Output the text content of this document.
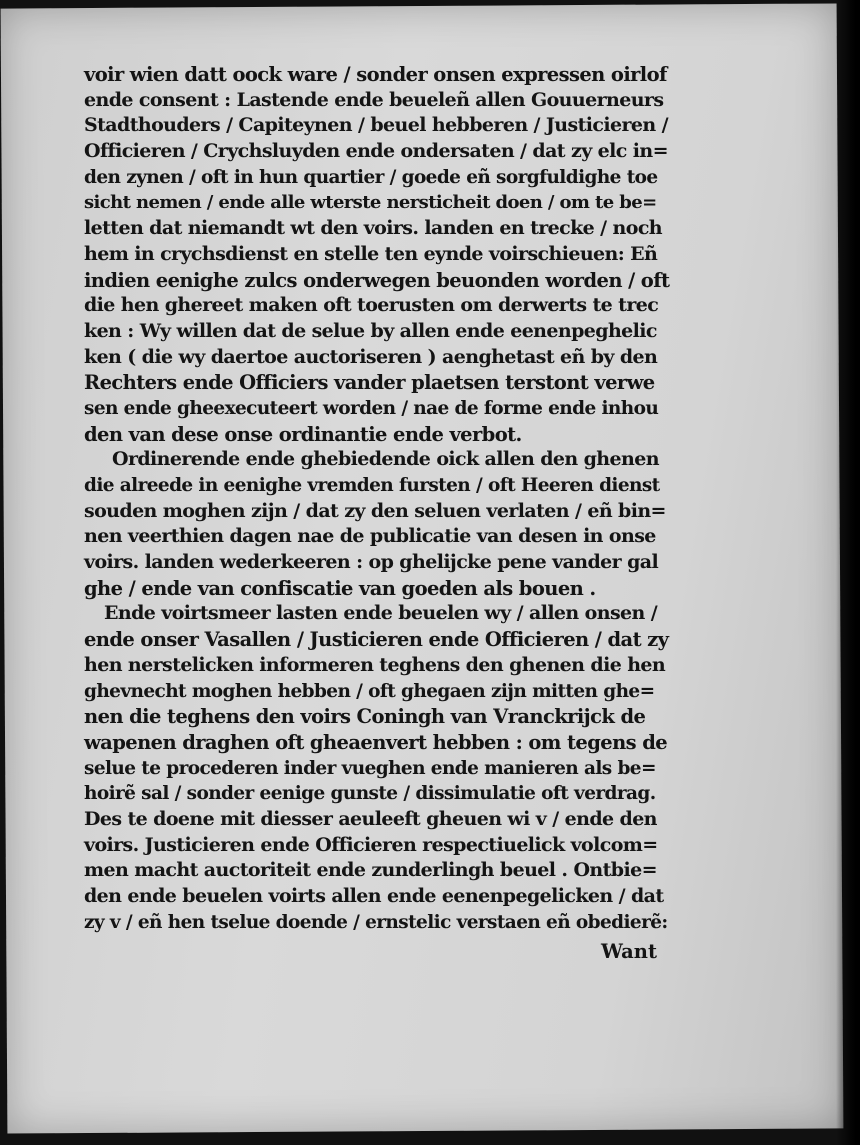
voir wien datt oock ware / sonder onsen expressen oirlof
ende consent : Lastende ende beueleñ allen Gouuerneurs
Stadthouders / Capiteynen / beuel hebberen / Justicieren /
Officieren / Crychsluyden ende ondersaten / dat zy elc in=
den zynen / oft in hun quartier / goede eñ sorgfuldighe toe
sicht nemen / ende alle wterste nersticheit doen / om te be=
letten dat niemandt wt den voirs. landen en trecke / noch
hem in crychsdienst en stelle ten eynde voirschieuen: Eñ
indien eenighe zulcs onderwegen beuonden worden / oft
die hen ghereet maken oft toerusten om derwerts te trec
ken : Wy willen dat de selue by allen ende eenenpeghelic
ken ( die wy daertoe auctoriseren ) aenghetast eñ by den
Rechters ende Officiers vander plaetsen terstont verwe
sen ende gheexecuteert worden / nae de forme ende inhou
den van dese onse ordinantie ende verbot.
Ordinerende ende ghebiedende oick allen den ghenen
die alreede in eenighe vremden fursten / oft Heeren dienst
souden moghen zijn / dat zy den seluen verlaten / eñ bin=
nen veerthien dagen nae de publicatie van desen in onse
voirs. landen wederkeeren : op ghelijcke pene vander gal
ghe / ende van confiscatie van goeden als bouen .
Ende voirtsmeer lasten ende beuelen wy / allen onsen /
ende onser Vasallen / Justicieren ende Officieren / dat zy
hen nerstelicken informeren teghens den ghenen die hen
ghevnecht moghen hebben / oft ghegaen zijn mitten ghe=
nen die teghens den voirs Coningh van Vranckrijck de
wapenen draghen oft gheaenvert hebben : om tegens de
selue te procederen inder vueghen ende manieren als be=
hoirẽ sal / sonder eenige gunste / dissimulatie oft verdrag.
Des te doene mit diesser aeuleeft gheuen wi v / ende den
voirs. Justicieren ende Officieren respectiuelick volcom=
men macht auctoriteit ende zunderlingh beuel . Ontbie=
den ende beuelen voirts allen ende eenenpegelicken / dat
zy v / eñ hen tselue doende / ernstelic verstaen eñ obedierẽ:
Want
